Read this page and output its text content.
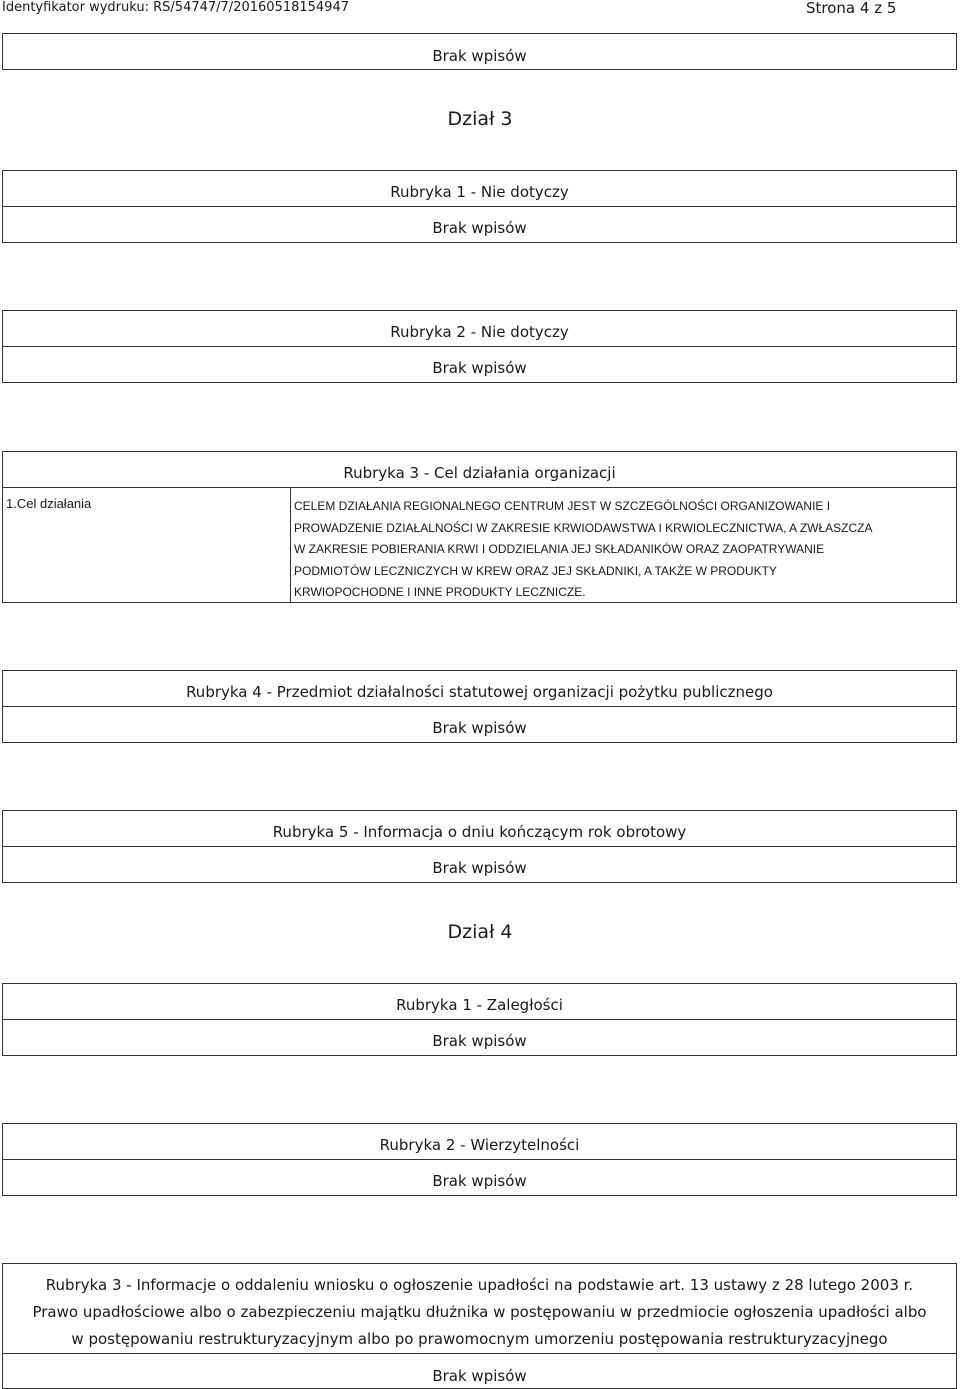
Identyfikator wydruku: RS/54747/7/20160518154947	Strona 4 z 5
Brak wpisów
Dział 3
Rubryka 1 - Nie dotyczy
Brak wpisów
Rubryka 2 - Nie dotyczy
Brak wpisów
Rubryka 3 - Cel działania organizacji
1.Cel działania	CELEM DZIAŁANIA REGIONALNEGO CENTRUM JEST W SZCZEGÓLNOŚCI ORGANIZOWANIE I
PROWADZENIE DZIAŁALNOŚCI W ZAKRESIE KRWIODAWSTWA I KRWIOLECZNICTWA, A ZWŁASZCZA
W ZAKRESIE POBIERANIA KRWI I ODDZIELANIA JEJ SKŁADANIKÓW ORAZ ZAOPATRYWANIE
PODMIOTÓW LECZNICZYCH W KREW ORAZ JEJ SKŁADNIKI, A TAKŻE W PRODUKTY
KRWIOPOCHODNE I INNE PRODUKTY LECZNICZE.
Rubryka 4 - Przedmiot działalności statutowej organizacji pożytku publicznego
Brak wpisów
Rubryka 5 - Informacja o dniu kończącym rok obrotowy
Brak wpisów
Dział 4
Rubryka 1 - Zaległości
Brak wpisów
Rubryka 2 - Wierzytelności
Brak wpisów
Rubryka 3 - Informacje o oddaleniu wniosku o ogłoszenie upadłości na podstawie art. 13 ustawy z 28 lutego 2003 r.
Prawo upadłościowe albo o zabezpieczeniu majątku dłużnika w postępowaniu w przedmiocie ogłoszenia upadłości albo
w postępowaniu restrukturyzacyjnym albo po prawomocnym umorzeniu postępowania restrukturyzacyjnego
Brak wpisów
